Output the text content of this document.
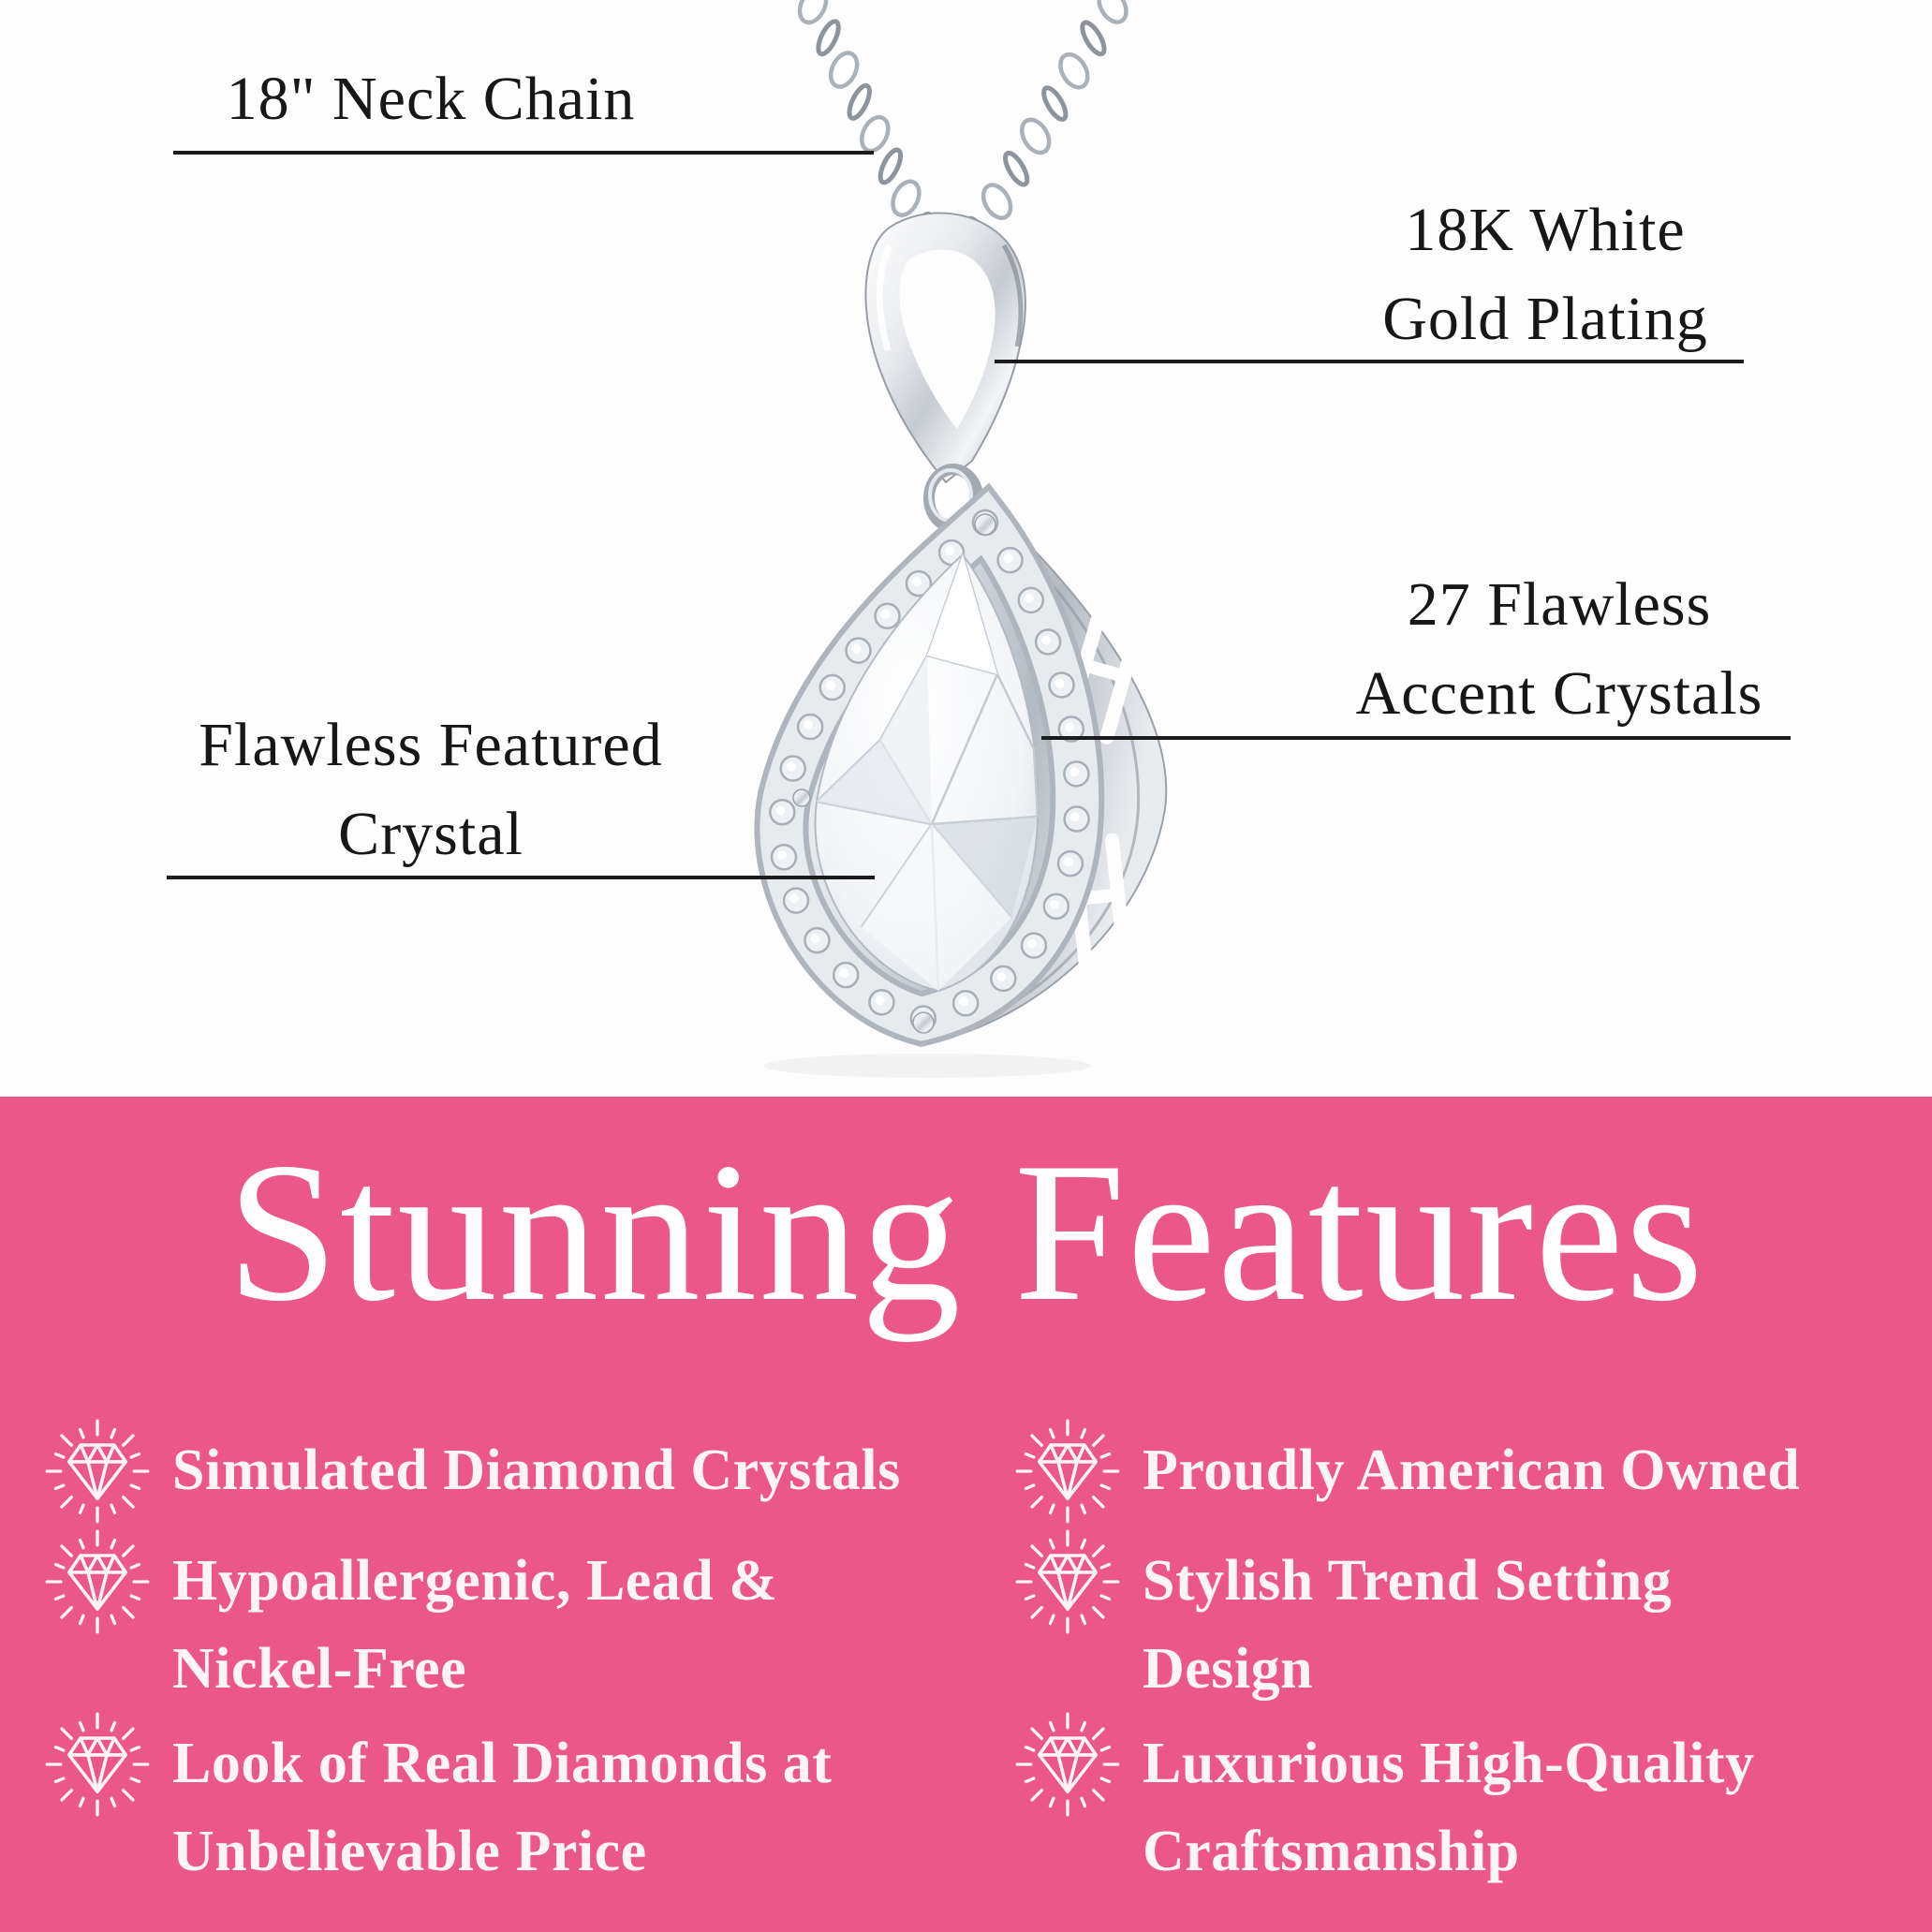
18" Neck Chain
18K White
Gold Plating
27 Flawless
Accent Crystals
Flawless Featured
Crystal
Stunning Features
Simulated Diamond Crystals
Hypoallergenic, Lead &
Nickel-Free
Look of Real Diamonds at
Unbelievable Price
Proudly American Owned
Stylish Trend Setting
Design
Luxurious High-Quality
Craftsmanship
